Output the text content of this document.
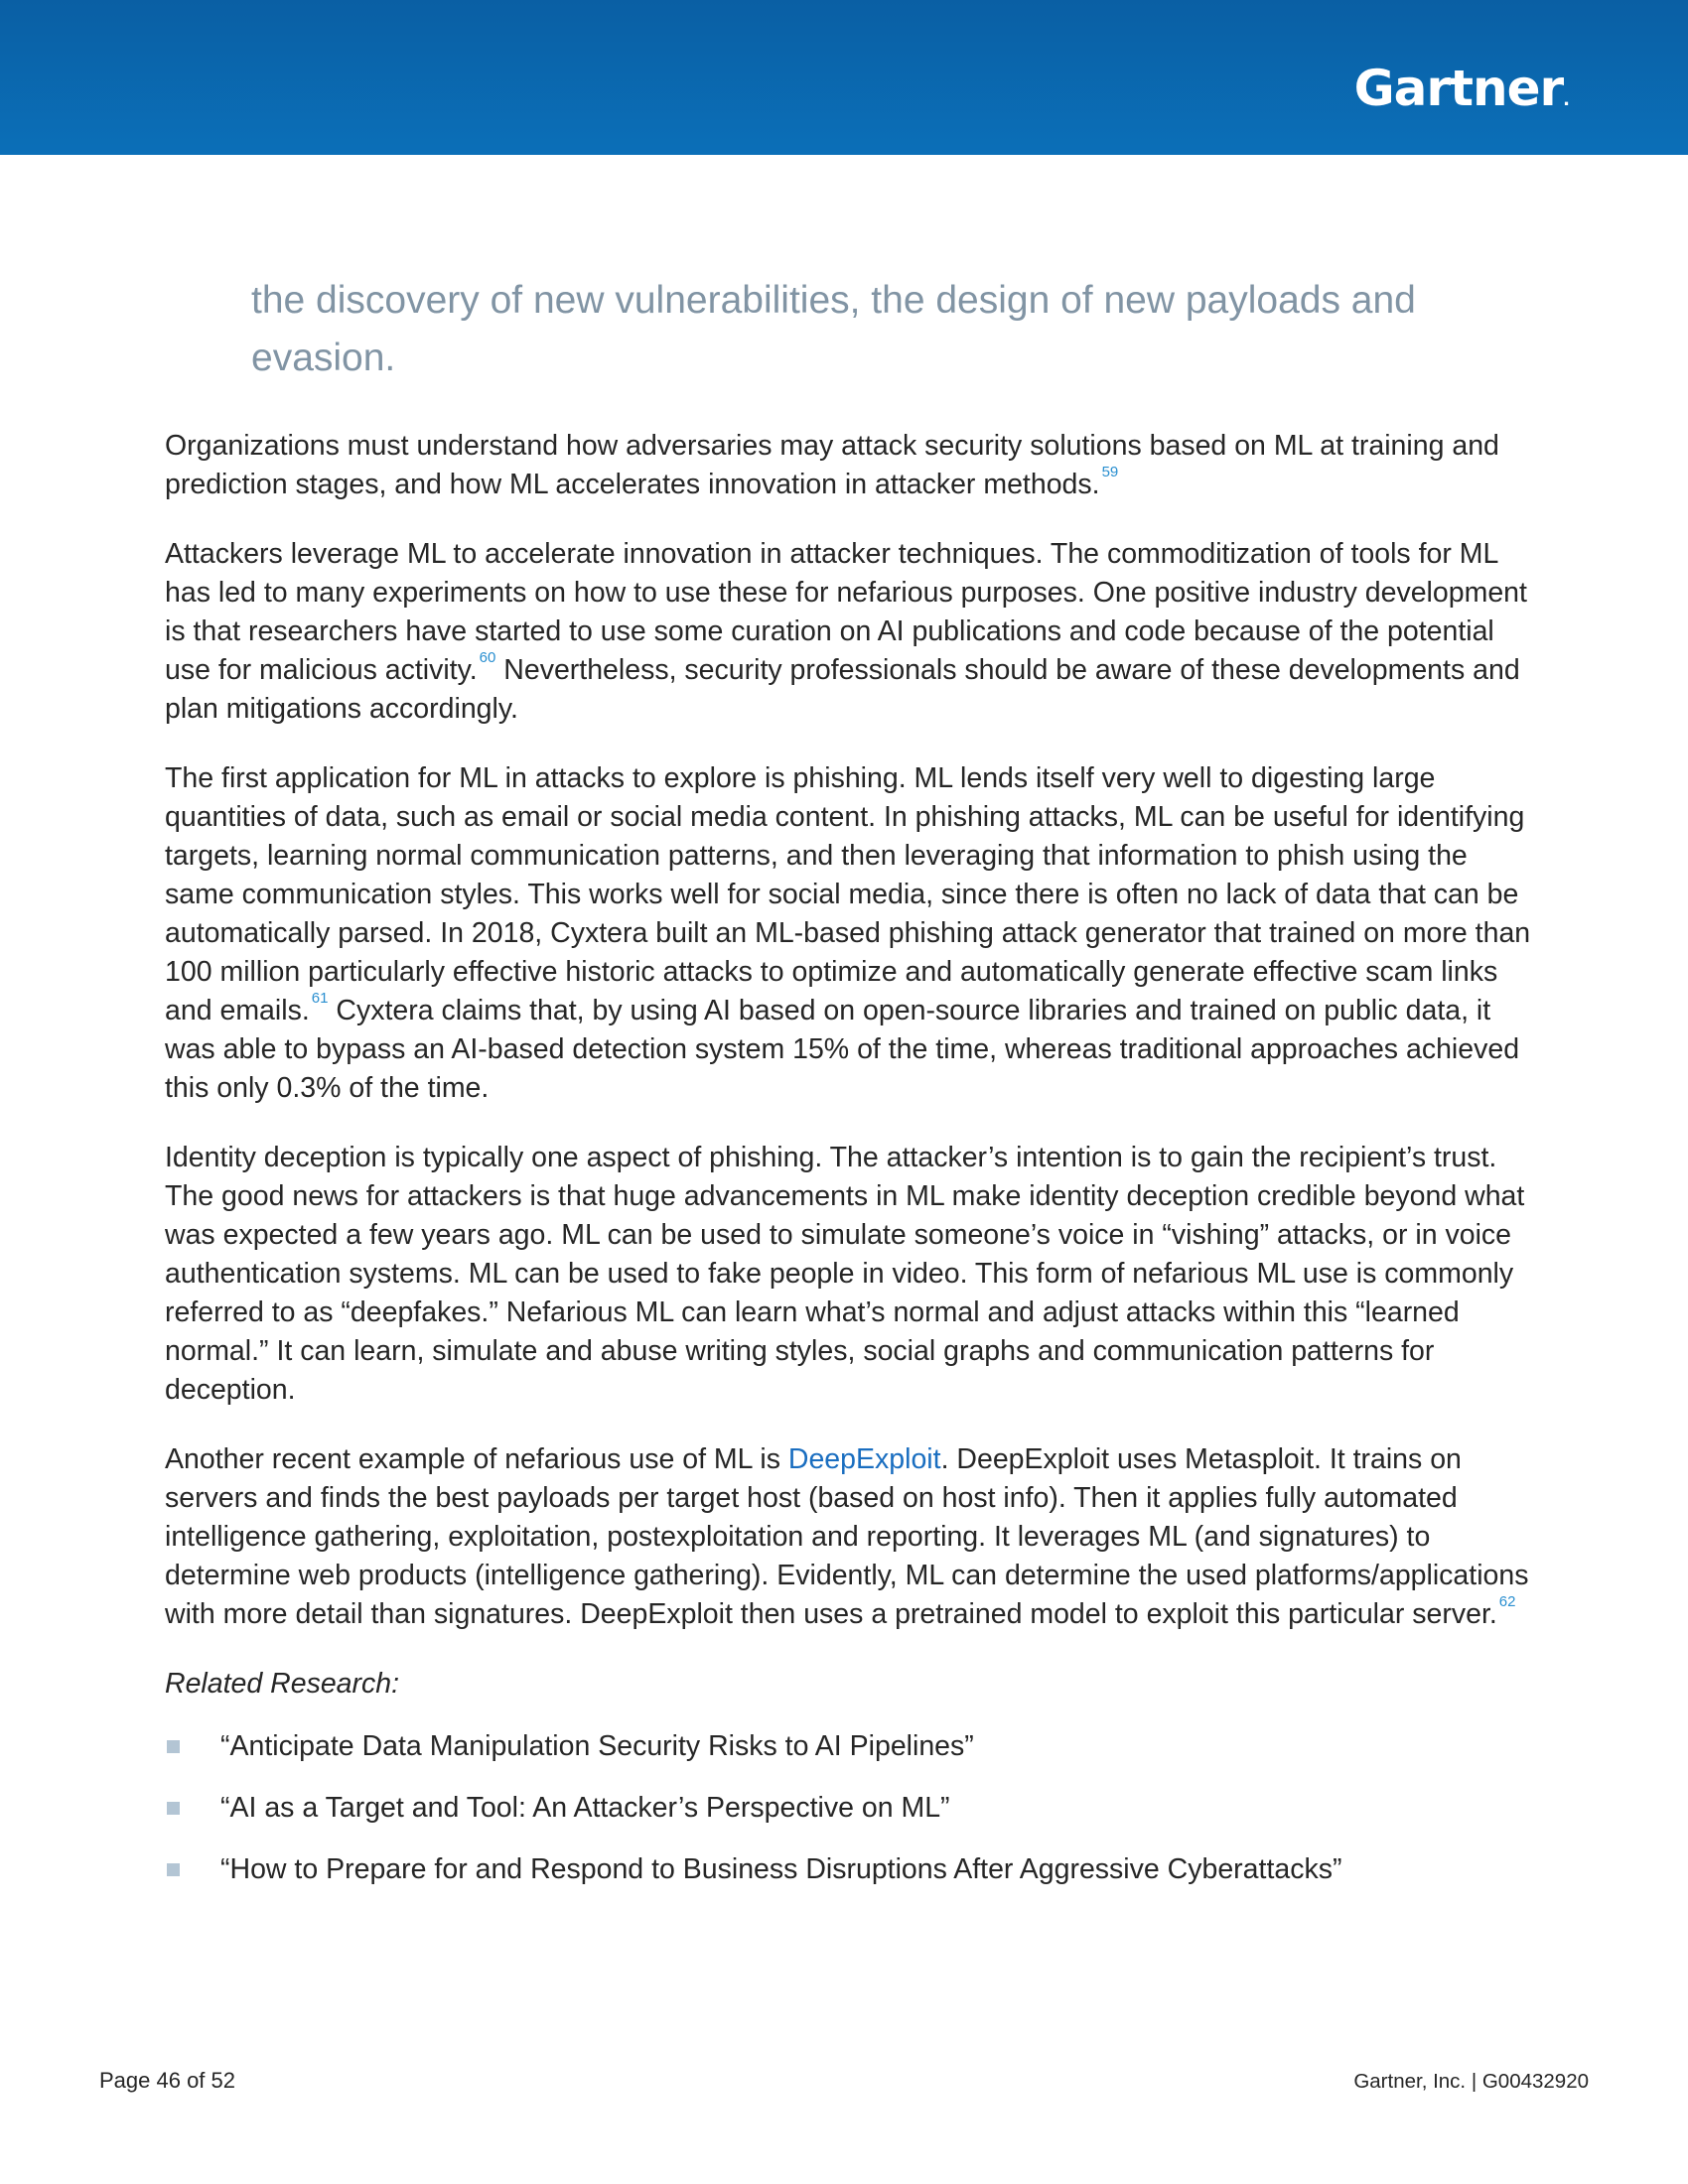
Gartner.
the discovery of new vulnerabilities, the design of new payloads and evasion.

Organizations must understand how adversaries may attack security solutions based on ML at training and prediction stages, and how ML accelerates innovation in attacker methods. $^{59}$

Attackers leverage ML to accelerate innovation in attacker techniques. The commoditization of tools for ML has led to many experiments on how to use these for nefarious purposes. One positive industry development is that researchers have started to use some curation on AI publications and code because of the potential use for malicious activity. $^{60}$ Nevertheless, security professionals should be aware of these developments and plan mitigations accordingly.

The first application for ML in attacks to explore is phishing. ML lends itself very well to digesting large quantities of data, such as email or social media content. In phishing attacks, ML can be useful for identifying targets, learning normal communication patterns, and then leveraging that information to phish using the same communication styles. This works well for social media, since there is often no lack of data that can be automatically parsed. In 2018, Cyxtera built an ML-based phishing attack generator that trained on more than 100 million particularly effective historic attacks to optimize and automatically generate effective scam links and emails. $^{61}$ Cyxtera claims that, by using AI based on open-source libraries and trained on public data, it was able to bypass an AI-based detection system 15% of the time, whereas traditional approaches achieved this only 0.3% of the time.

Identity deception is typically one aspect of phishing. The attacker’s intention is to gain the recipient’s trust. The good news for attackers is that huge advancements in ML make identity deception credible beyond what was expected a few years ago. ML can be used to simulate someone’s voice in “vishing” attacks, or in voice authentication systems. ML can be used to fake people in video. This form of nefarious ML use is commonly referred to as “deepfakes.” Nefarious ML can learn what’s normal and adjust attacks within this “learned normal.” It can learn, simulate and abuse writing styles, social graphs and communication patterns for deception.

Another recent example of nefarious use of ML is DeepExploit. DeepExploit uses Metasploit. It trains on servers and finds the best payloads per target host (based on host info). Then it applies fully automated intelligence gathering, exploitation, postexploitation and reporting. It leverages ML (and signatures) to determine web products (intelligence gathering). Evidently, ML can determine the used platforms/applications with more detail than signatures. DeepExploit then uses a pretrained model to exploit this particular server. $^{62}$

Related Research:

“Anticipate Data Manipulation Security Risks to AI Pipelines”
“AI as a Target and Tool: An Attacker’s Perspective on ML”
“How to Prepare for and Respond to Business Disruptions After Aggressive Cyberattacks”
Page 46 of 52	Gartner, Inc. | G00432920
